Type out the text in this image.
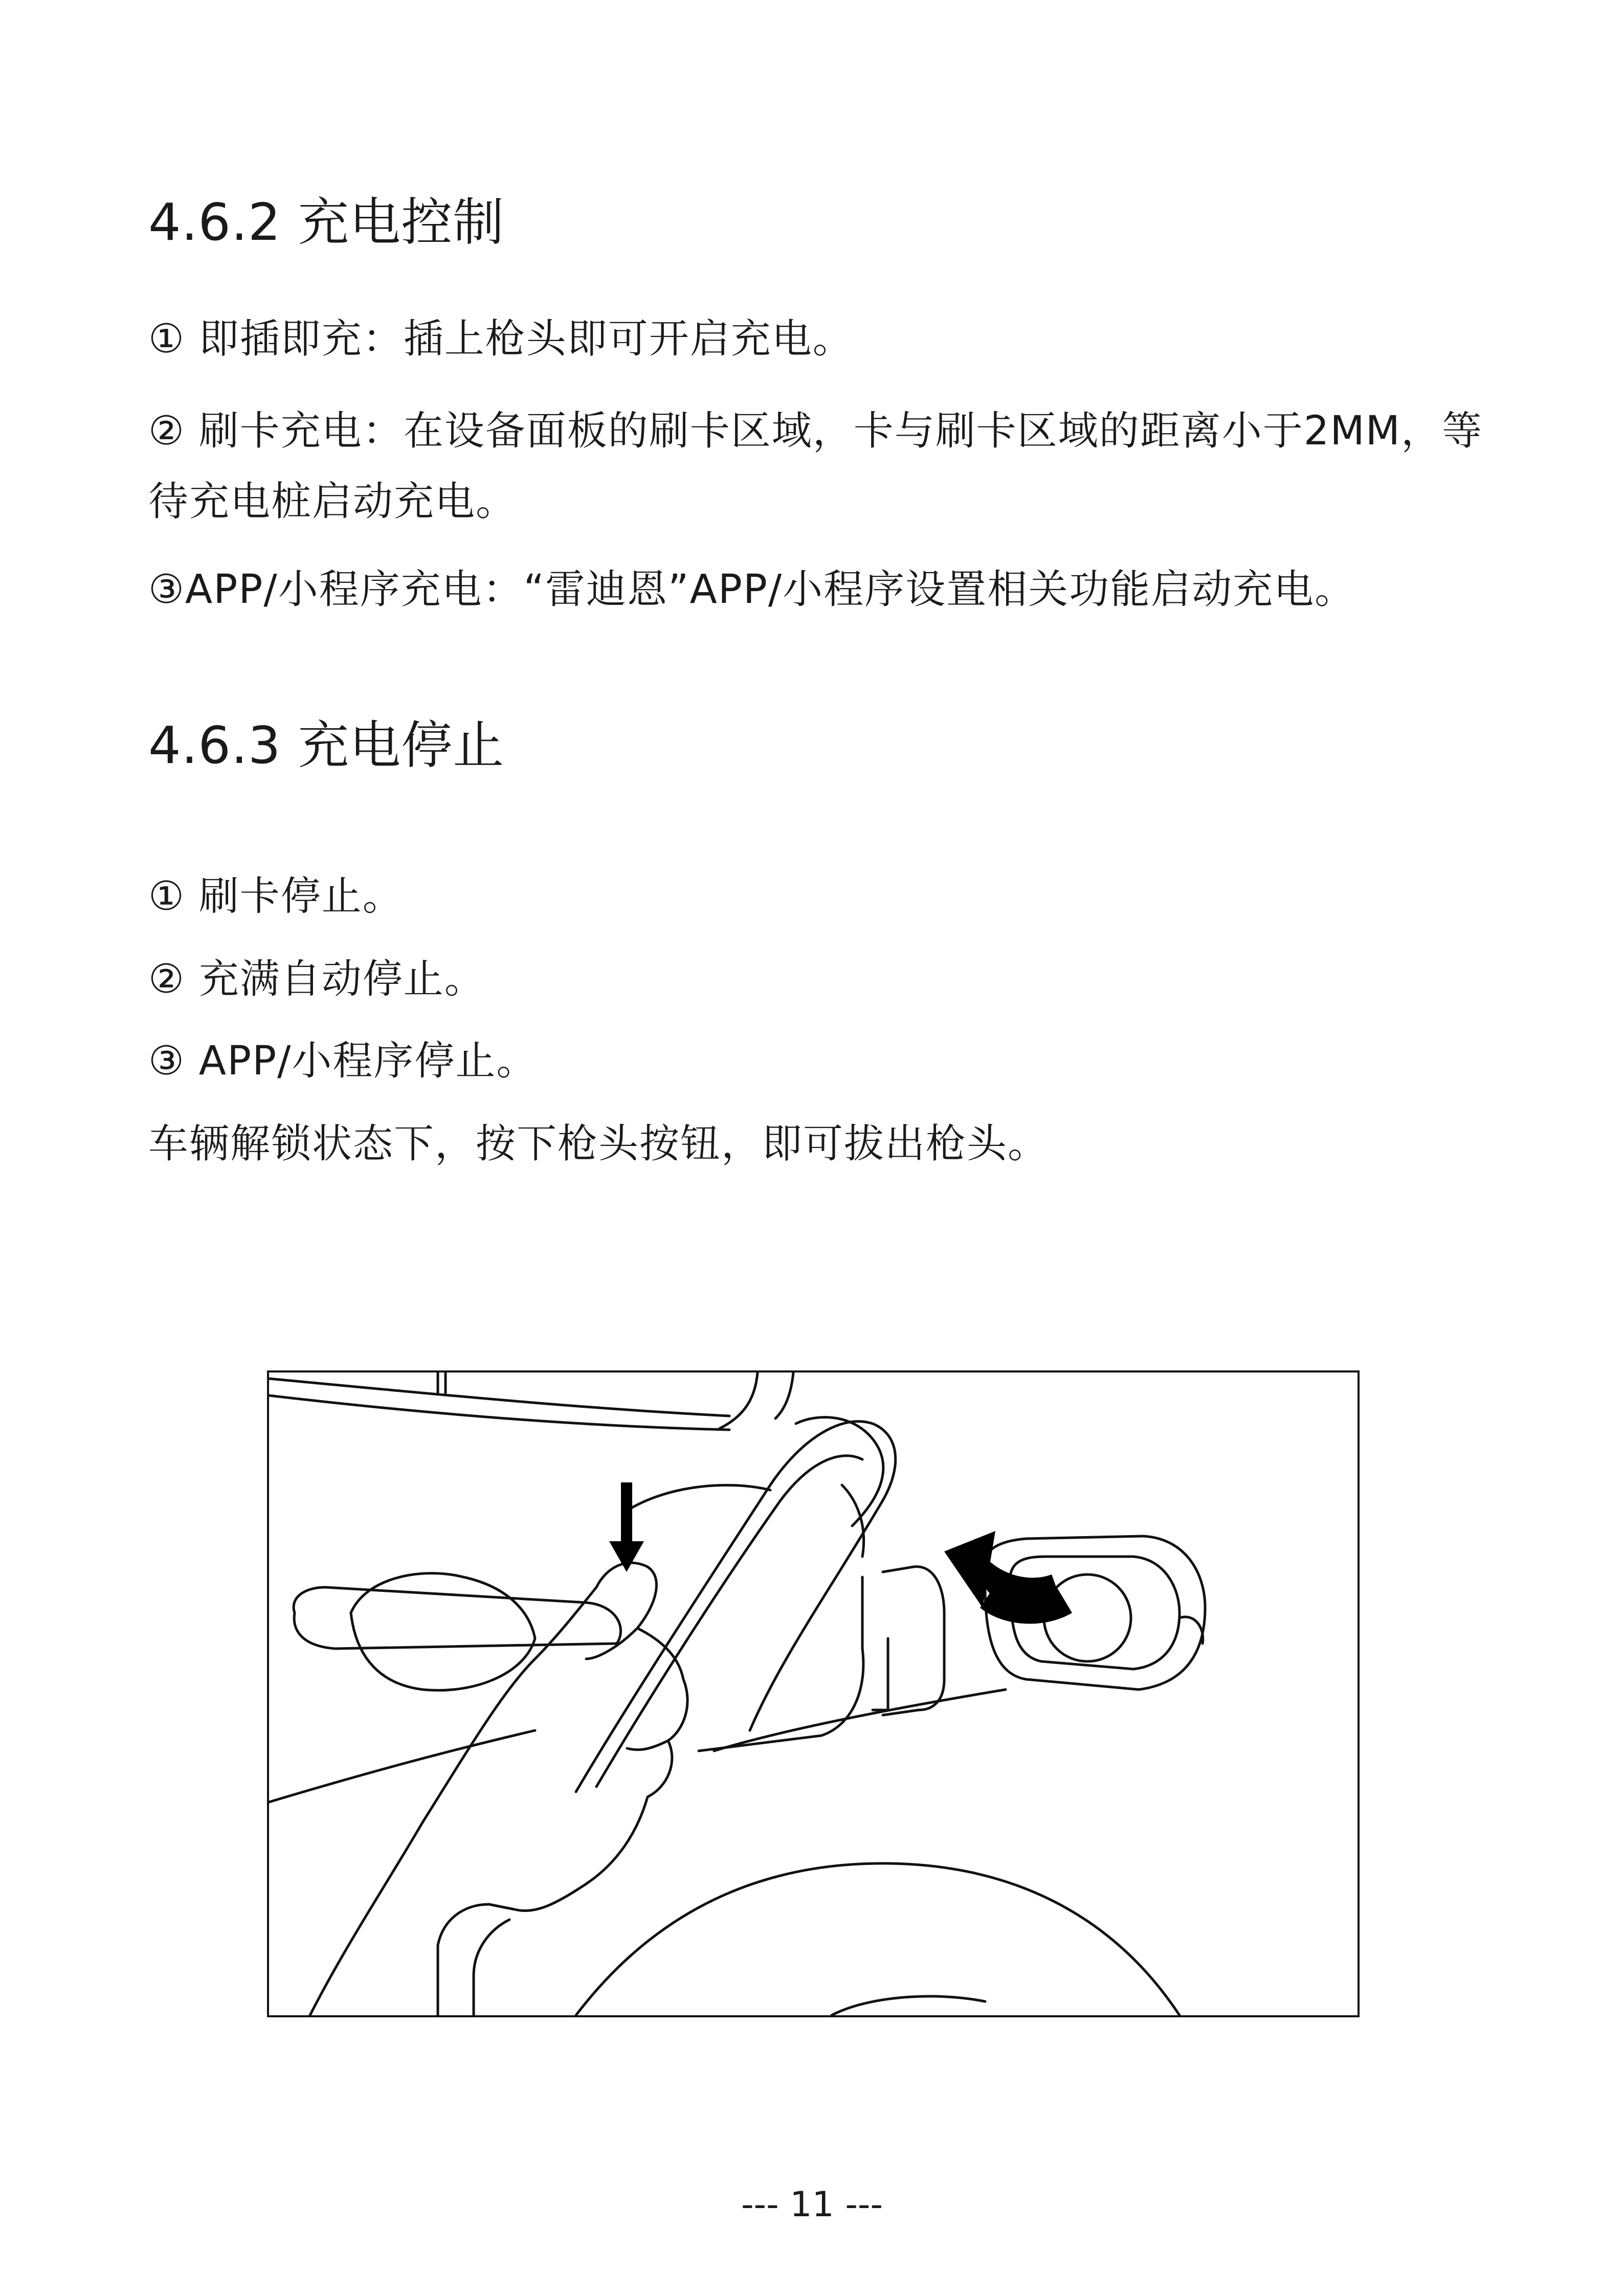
4.6.2 充电控制

① 即插即充：插上枪头即可开启充电。

② 刷卡充电：在设备面板的刷卡区域，卡与刷卡区域的距离小于2MM，等待充电桩启动充电。

③APP/小程序充电：“雷迪恩”APP/小程序设置相关功能启动充电。

4.6.3 充电停止

① 刷卡停止。

② 充满自动停止。

③ APP/小程序停止。

车辆解锁状态下，按下枪头按钮，即可拔出枪头。

--- 11 ---
